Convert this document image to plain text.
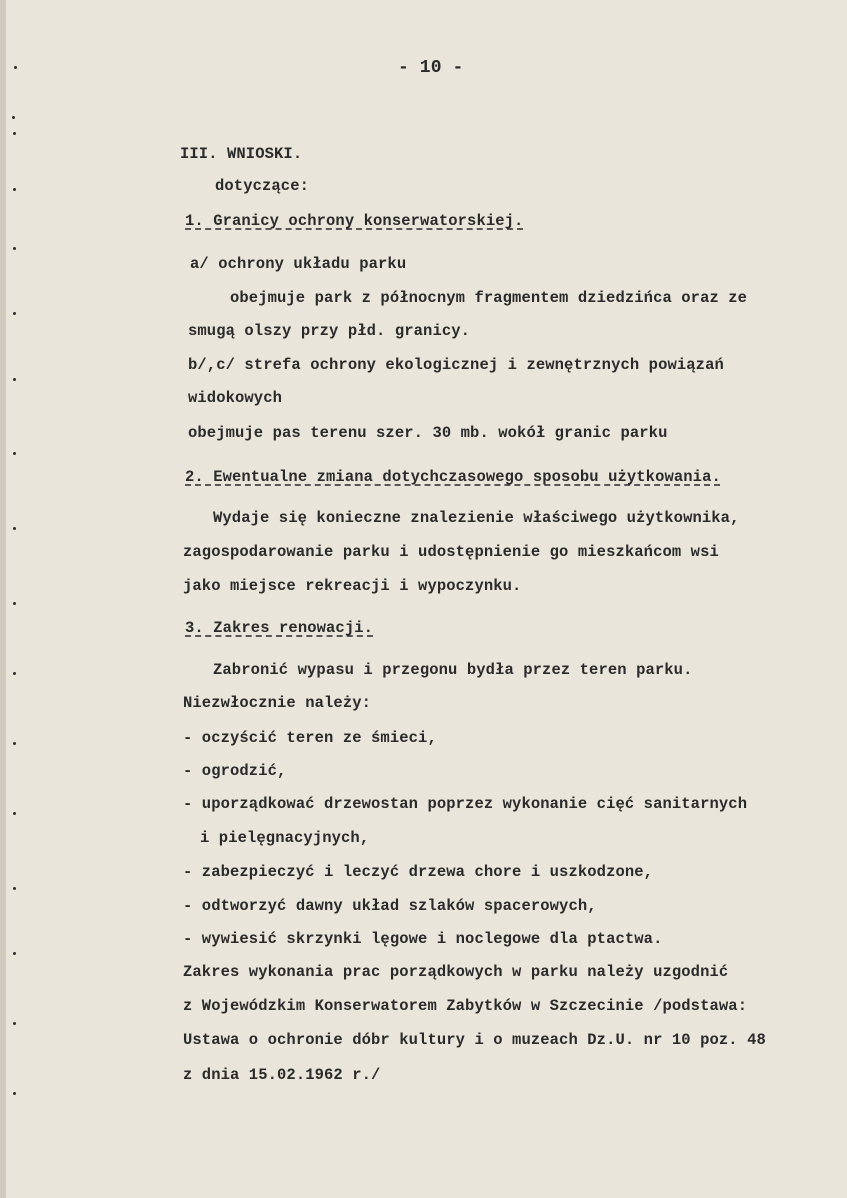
- 10 -
III. WNIOSKI.
dotyczące:
1. Granicy ochrony konserwatorskiej.
a/ ochrony układu parku
obejmuje park z północnym fragmentem dziedzińca oraz ze
smugą olszy przy płd. granicy.
b/,c/ strefa ochrony ekologicznej i zewnętrznych powiązań
widokowych
obejmuje pas terenu szer. 30 mb. wokół granic parku
2. Ewentualne zmiana dotychczasowego sposobu użytkowania.
Wydaje się konieczne znalezienie właściwego użytkownika,
zagospodarowanie parku i udostępnienie go mieszkańcom wsi
jako miejsce rekreacji i wypoczynku.
3. Zakres renowacji.
Zabronić wypasu i przegonu bydła przez teren parku.
Niezwłocznie należy:
- oczyścić teren ze śmieci,
- ogrodzić,
- uporządkować drzewostan poprzez wykonanie cięć sanitarnych
i pielęgnacyjnych,
- zabezpieczyć i leczyć drzewa chore i uszkodzone,
- odtworzyć dawny układ szlaków spacerowych,
- wywiesić skrzynki lęgowe i noclegowe dla ptactwa.
Zakres wykonania prac porządkowych w parku należy uzgodnić
z Wojewódzkim Konserwatorem Zabytków w Szczecinie /podstawa:
Ustawa o ochronie dóbr kultury i o muzeach Dz.U. nr 10 poz. 48
z dnia 15.02.1962 r./
